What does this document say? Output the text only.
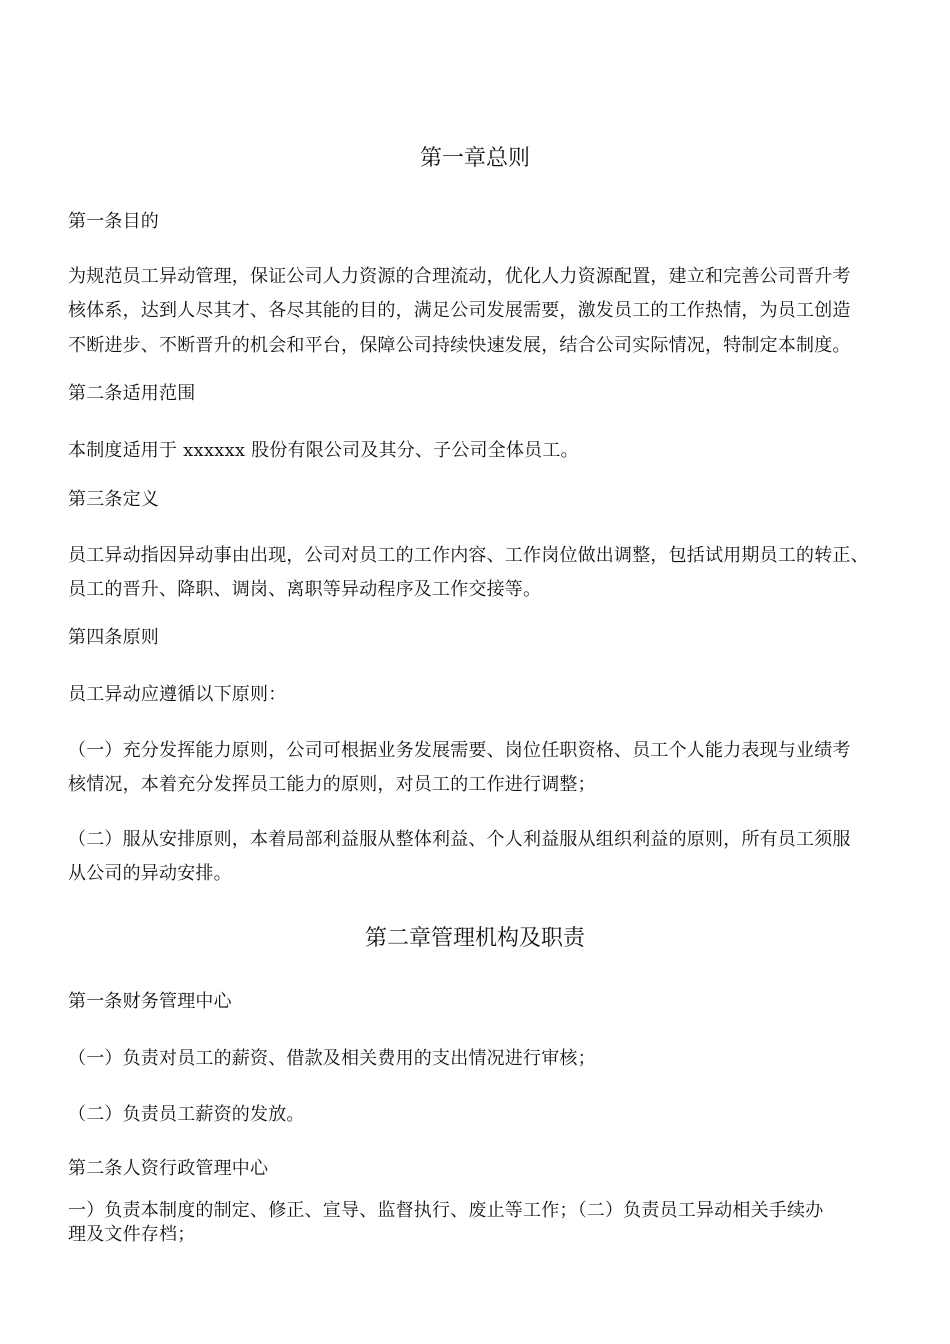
第一章总则
第一条目的
为规范员工异动管理，保证公司人力资源的合理流动，优化人力资源配置，建立和完善公司晋升考
核体系，达到人尽其才、各尽其能的目的，满足公司发展需要，激发员工的工作热情，为员工创造
不断进步、不断晋升的机会和平台，保障公司持续快速发展，结合公司实际情况，特制定本制度。
第二条适用范围
本制度适用于 xxxxxx 股份有限公司及其分、子公司全体员工。
第三条定义
员工异动指因异动事由出现，公司对员工的工作内容、工作岗位做出调整，包括试用期员工的转正、
员工的晋升、降职、调岗、离职等异动程序及工作交接等。
第四条原则
员工异动应遵循以下原则：
（一）充分发挥能力原则，公司可根据业务发展需要、岗位任职资格、员工个人能力表现与业绩考
核情况，本着充分发挥员工能力的原则，对员工的工作进行调整；
（二）服从安排原则，本着局部利益服从整体利益、个人利益服从组织利益的原则，所有员工须服
从公司的异动安排。
第二章管理机构及职责
第一条财务管理中心
（一）负责对员工的薪资、借款及相关费用的支出情况进行审核；
（二）负责员工薪资的发放。
第二条人资行政管理中心
一）负责本制度的制定、修正、宣导、监督执行、废止等工作；（二）负责员工异动相关手续办
理及文件存档；
